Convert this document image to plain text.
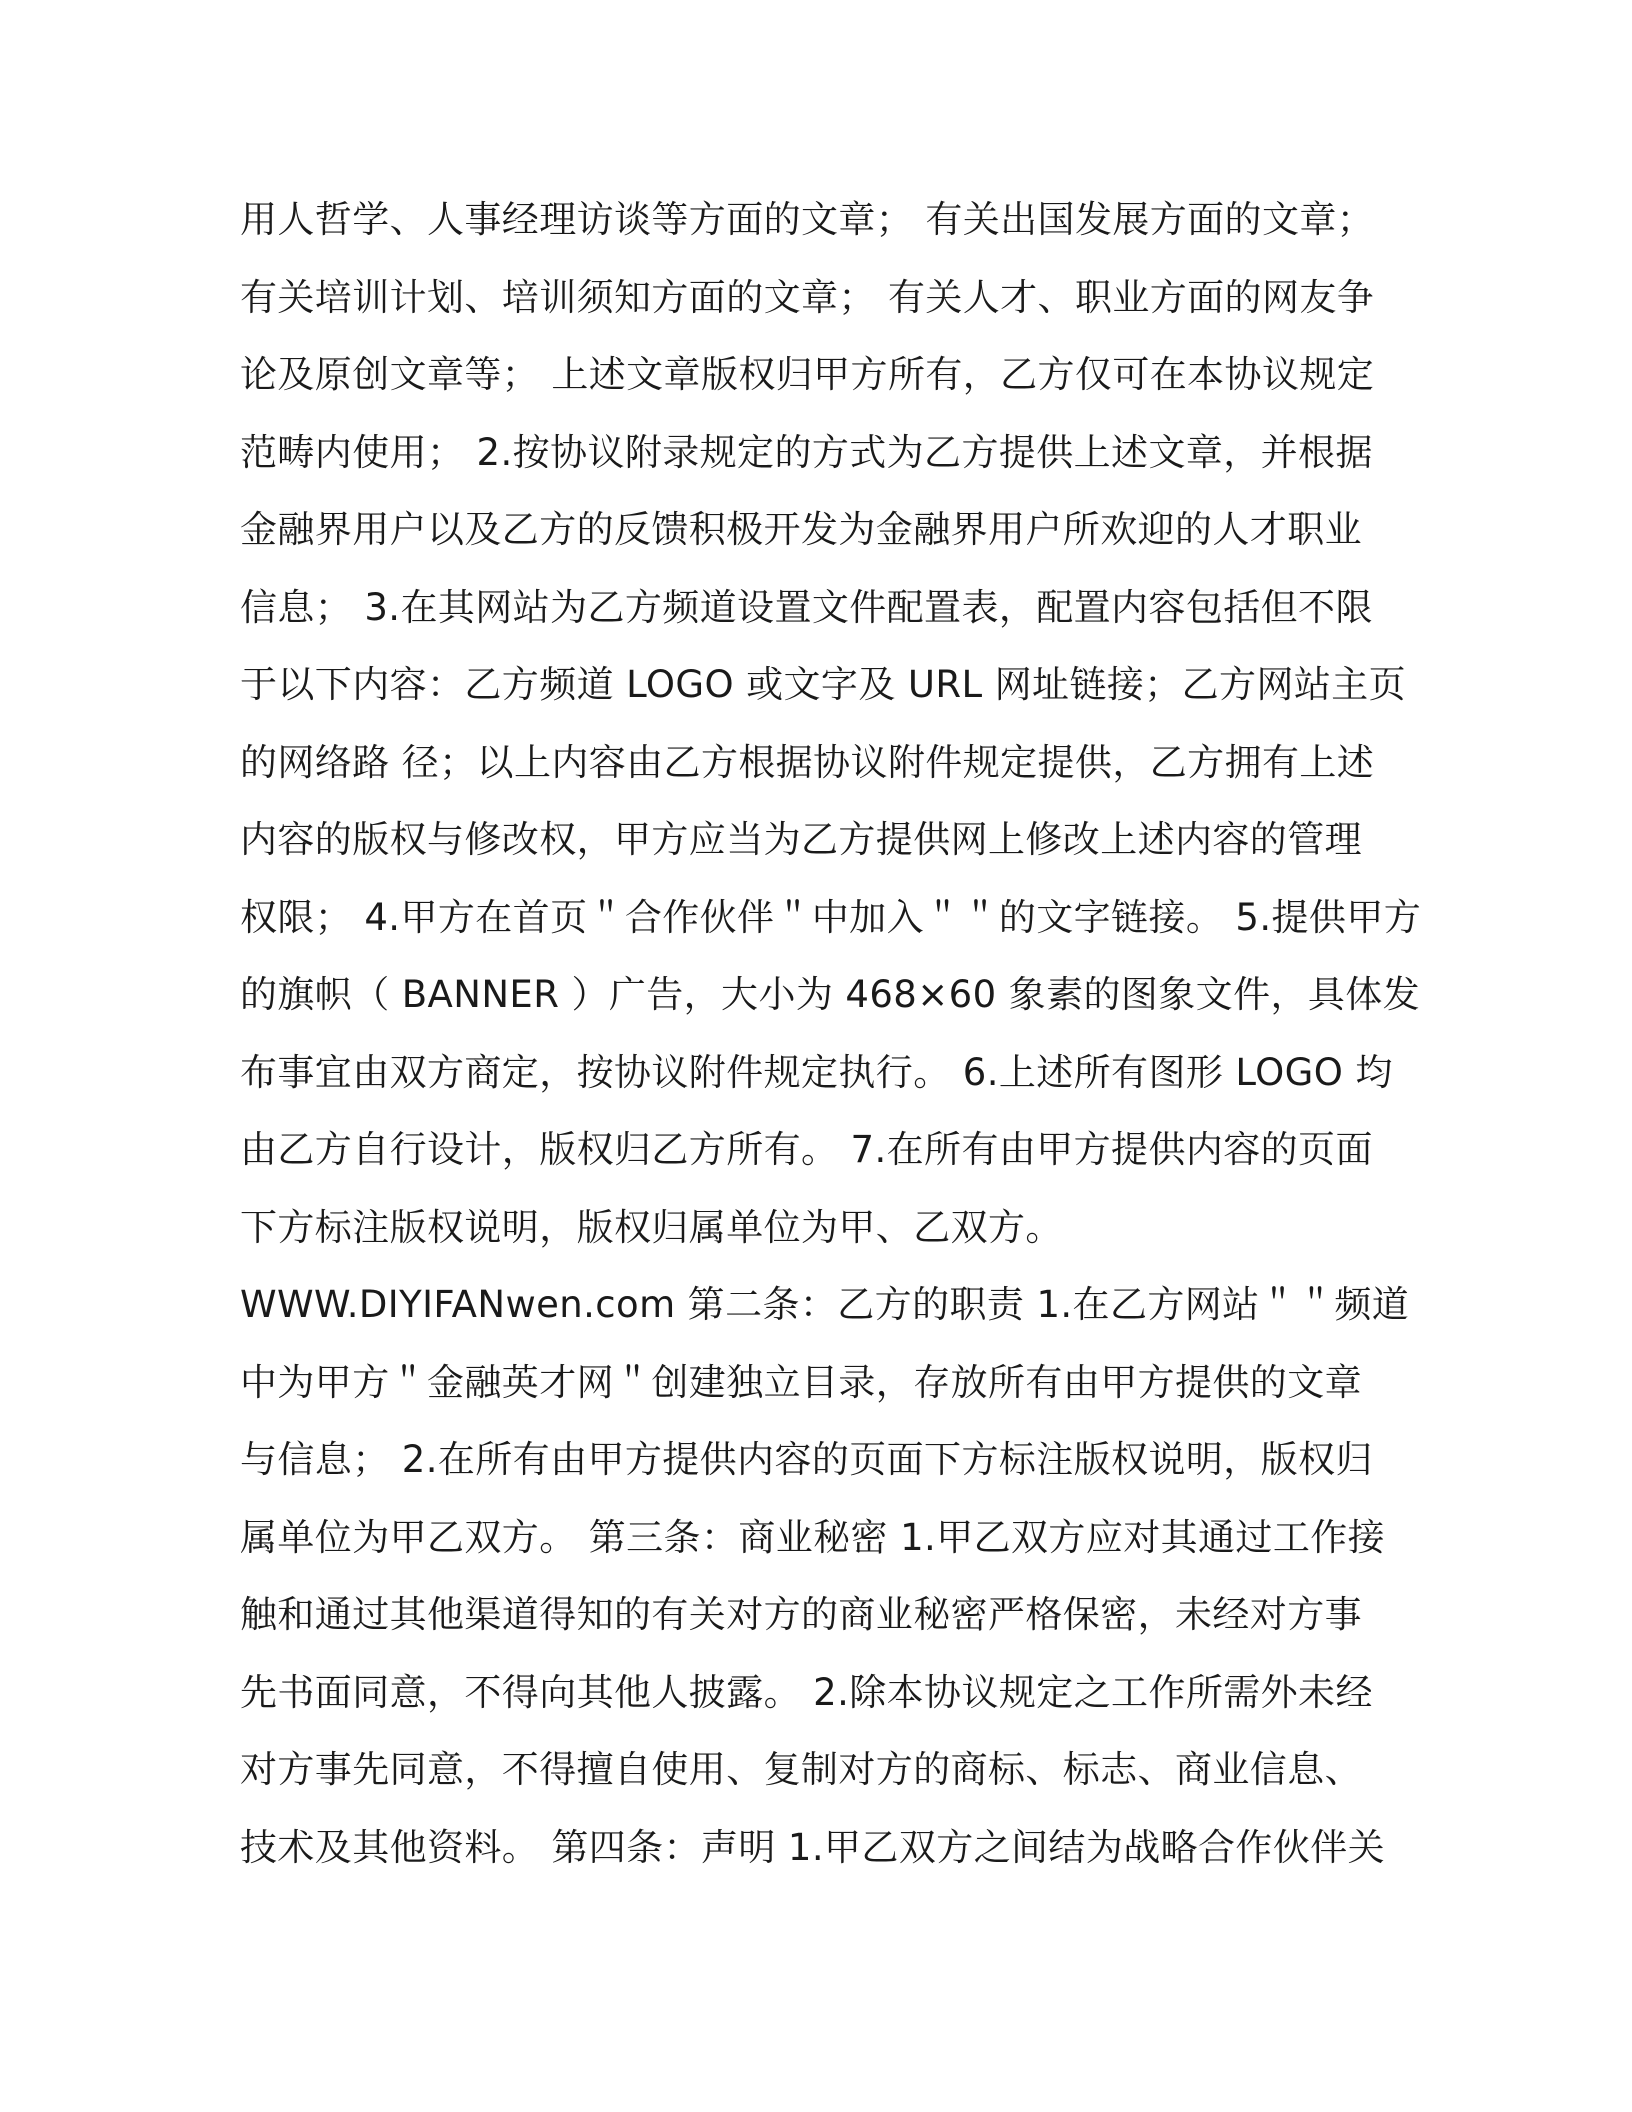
用人哲学、人事经理访谈等方面的文章； 有关出国发展方面的文章；
有关培训计划、培训须知方面的文章； 有关人才、职业方面的网友争
论及原创文章等； 上述文章版权归甲方所有，乙方仅可在本协议规定
范畴内使用； 2.按协议附录规定的方式为乙方提供上述文章，并根据
金融界用户以及乙方的反馈积极开发为金融界用户所欢迎的人才职业
信息； 3.在其网站为乙方频道设置文件配置表，配置内容包括但不限
于以下内容：乙方频道 LOGO 或文字及 URL 网址链接；乙方网站主页
的网络路 径；以上内容由乙方根据协议附件规定提供，乙方拥有上述
内容的版权与修改权，甲方应当为乙方提供网上修改上述内容的管理
权限； 4.甲方在首页＂合作伙伴＂中加入＂＂的文字链接。 5.提供甲方
的旗帜（ BANNER ）广告，大小为 468×60 象素的图象文件，具体发
布事宜由双方商定，按协议附件规定执行。 6.上述所有图形 LOGO 均
由乙方自行设计，版权归乙方所有。 7.在所有由甲方提供内容的页面
下方标注版权说明，版权归属单位为甲、乙双方。
WWW.DIYIFANwen.com 第二条：乙方的职责 1.在乙方网站＂＂频道
中为甲方＂金融英才网＂创建独立目录，存放所有由甲方提供的文章
与信息； 2.在所有由甲方提供内容的页面下方标注版权说明，版权归
属单位为甲乙双方。 第三条：商业秘密 1.甲乙双方应对其通过工作接
触和通过其他渠道得知的有关对方的商业秘密严格保密，未经对方事
先书面同意，不得向其他人披露。 2.除本协议规定之工作所需外未经
对方事先同意，不得擅自使用、复制对方的商标、标志、商业信息、
技术及其他资料。 第四条：声明 1.甲乙双方之间结为战略合作伙伴关
